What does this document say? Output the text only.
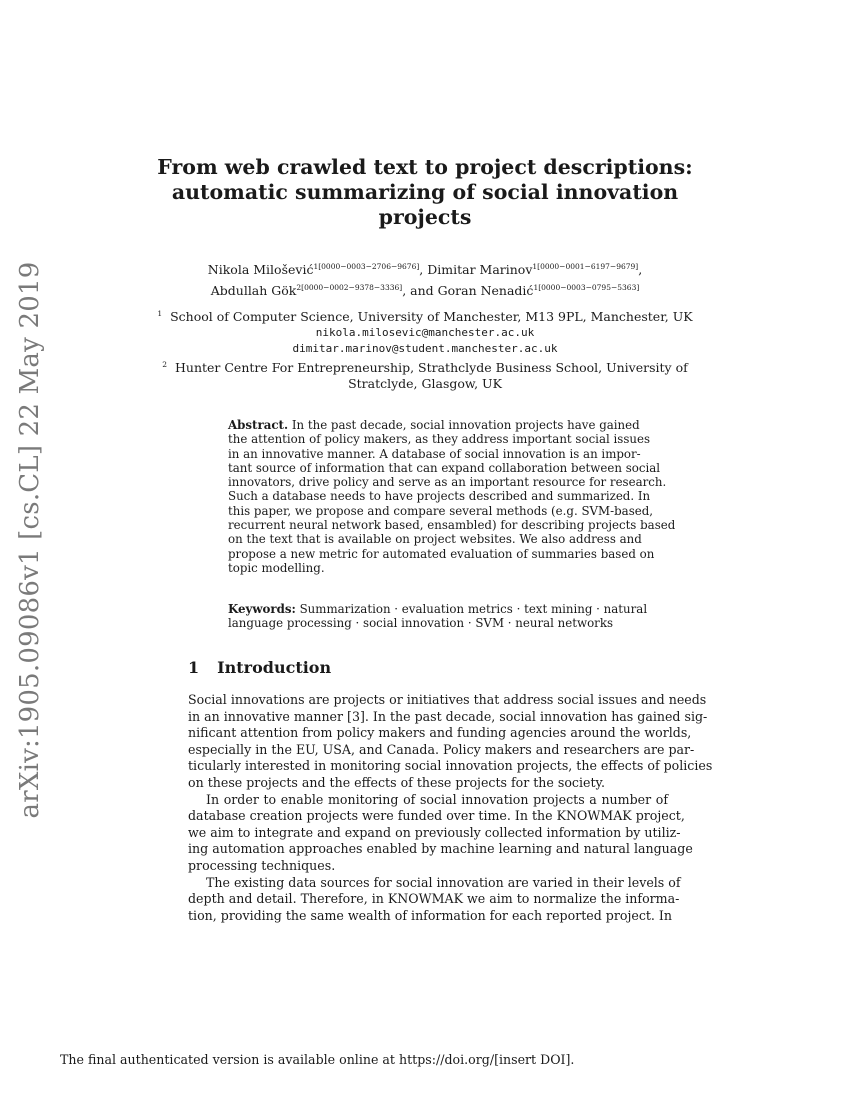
arXiv:1905.09086v1 [cs.CL] 22 May 2019
From web crawled text to project descriptions:
automatic summarizing of social innovation
projects
Nikola Milošević$^{1[0000-0003-2706-9676]}$, Dimitar Marinov$^{1[0000-0001-6197-9679]}$,
Abdullah Gök$^{2[0000-0002-9378-3336]}$, and Goran Nenadić$^{1[0000-0003-0795-5363]}$
$^1$ School of Computer Science, University of Manchester, M13 9PL, Manchester, UK
nikola.milosevic@manchester.ac.uk
dimitar.marinov@student.manchester.ac.uk
$^2$ Hunter Centre For Entrepreneurship, Strathclyde Business School, University of
Stratclyde, Glasgow, UK
Abstract. In the past decade, social innovation projects have gained
the attention of policy makers, as they address important social issues
in an innovative manner. A database of social innovation is an impor-
tant source of information that can expand collaboration between social
innovators, drive policy and serve as an important resource for research.
Such a database needs to have projects described and summarized. In
this paper, we propose and compare several methods (e.g. SVM-based,
recurrent neural network based, ensambled) for describing projects based
on the text that is available on project websites. We also address and
propose a new metric for automated evaluation of summaries based on
topic modelling.
Keywords: Summarization · evaluation metrics · text mining · natural
language processing · social innovation · SVM · neural networks
1 Introduction
Social innovations are projects or initiatives that address social issues and needs
in an innovative manner [3]. In the past decade, social innovation has gained sig-
nificant attention from policy makers and funding agencies around the worlds,
especially in the EU, USA, and Canada. Policy makers and researchers are par-
ticularly interested in monitoring social innovation projects, the effects of policies
on these projects and the effects of these projects for the society.
In order to enable monitoring of social innovation projects a number of
database creation projects were funded over time. In the KNOWMAK project,
we aim to integrate and expand on previously collected information by utiliz-
ing automation approaches enabled by machine learning and natural language
processing techniques.
The existing data sources for social innovation are varied in their levels of
depth and detail. Therefore, in KNOWMAK we aim to normalize the informa-
tion, providing the same wealth of information for each reported project. In
The final authenticated version is available online at https://doi.org/[insert DOI].
